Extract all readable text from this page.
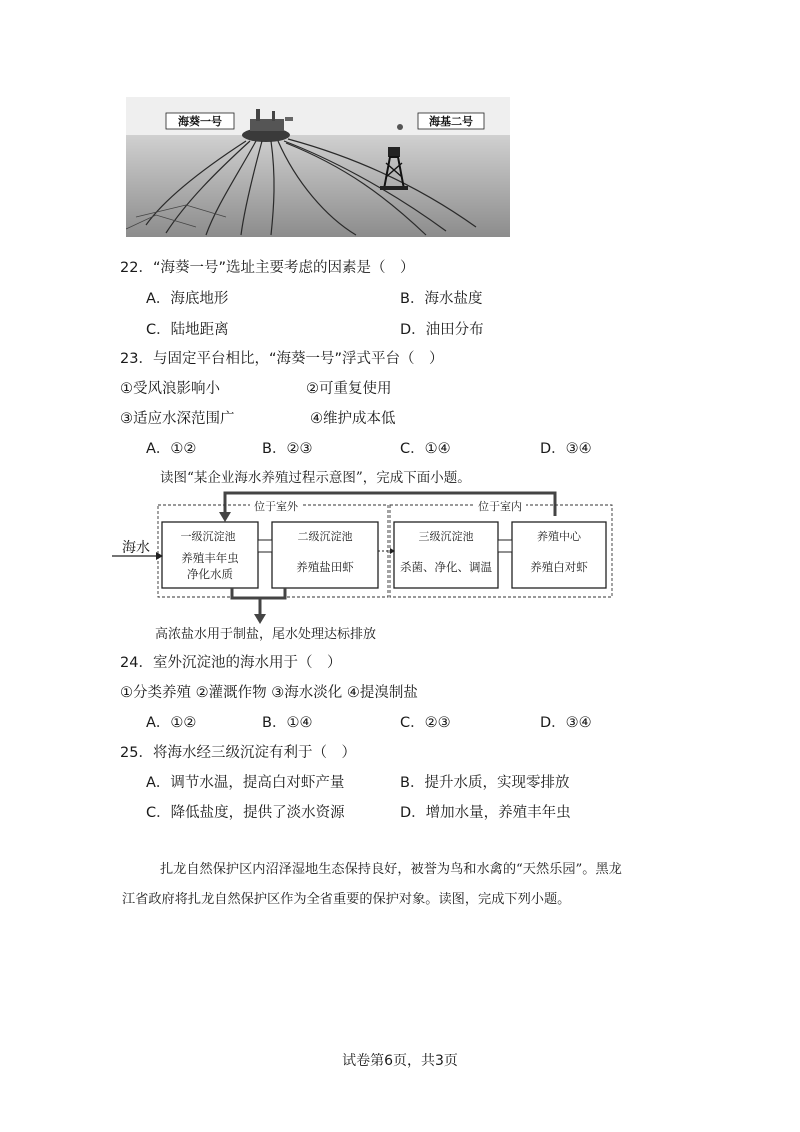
海葵一号	海基二号
22．“海葵一号”选址主要考虑的因素是（　）
A．海底地形	B．海水盐度
C．陆地距离	D．油田分布
23．与固定平台相比，“海葵一号”浮式平台（　）
①受风浪影响小	②可重复使用
③适应水深范围广	④维护成本低
A．①②	B．②③	C．①④	D．③④
读图“某企业海水养殖过程示意图”，完成下面小题。
位于室外	位于室内
海水
一级沉淀池
养殖丰年虫
净化水质
二级沉淀池
养殖盐田虾
三级沉淀池
杀菌、净化、调温
养殖中心
养殖白对虾
高浓盐水用于制盐，尾水处理达标排放
24．室外沉淀池的海水用于（　）
①分类养殖 ②灌溉作物 ③海水淡化 ④提溴制盐
A．①②	B．①④	C．②③	D．③④
25．将海水经三级沉淀有利于（　）
A．调节水温，提高白对虾产量	B．提升水质，实现零排放
C．降低盐度，提供了淡水资源	D．增加水量，养殖丰年虫
扎龙自然保护区内沼泽湿地生态保持良好，被誉为鸟和水禽的“天然乐园”。黑龙
江省政府将扎龙自然保护区作为全省重要的保护对象。读图，完成下列小题。
试卷第6页，共3页
